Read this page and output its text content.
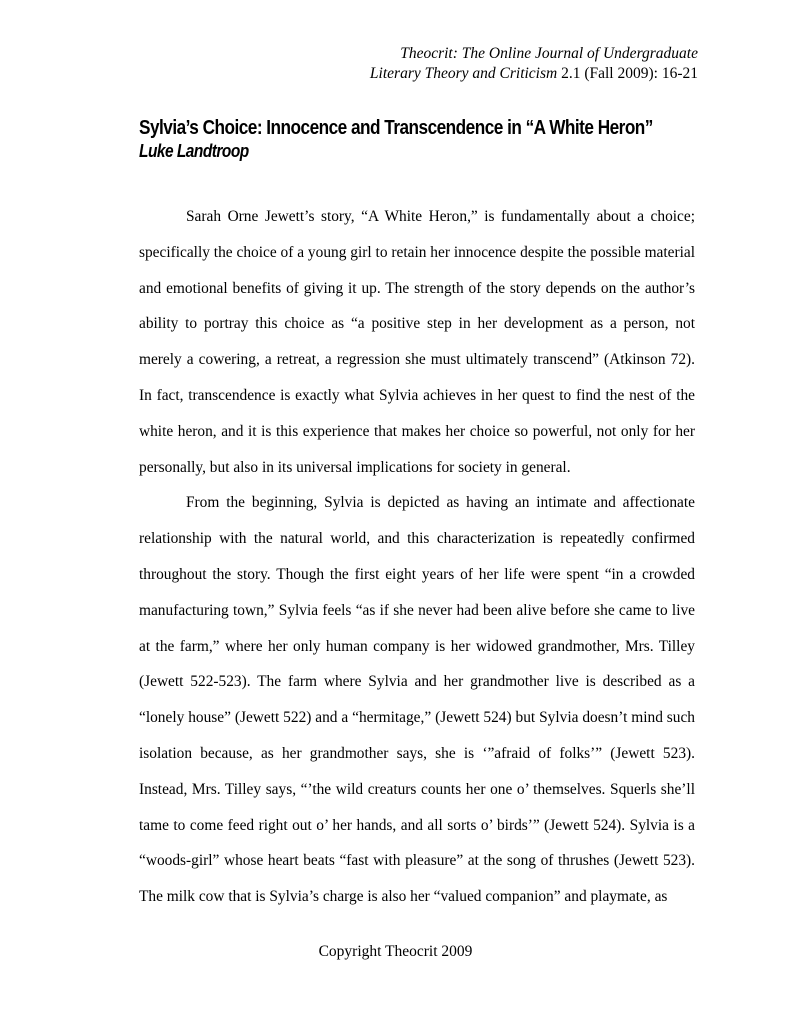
Theocrit: The Online Journal of Undergraduate
Literary Theory and Criticism 2.1 (Fall 2009): 16-21
Sylvia’s Choice: Innocence and Transcendence in “A White Heron”
Luke Landtroop

Sarah Orne Jewett’s story, “A White Heron,” is fundamentally about a choice; specifically the choice of a young girl to retain her innocence despite the possible material and emotional benefits of giving it up. The strength of the story depends on the author’s ability to portray this choice as “a positive step in her development as a person, not merely a cowering, a retreat, a regression she must ultimately transcend” (Atkinson 72). In fact, transcendence is exactly what Sylvia achieves in her quest to find the nest of the white heron, and it is this experience that makes her choice so powerful, not only for her personally, but also in its universal implications for society in general.

From the beginning, Sylvia is depicted as having an intimate and affectionate relationship with the natural world, and this characterization is repeatedly confirmed throughout the story. Though the first eight years of her life were spent “in a crowded manufacturing town,” Sylvia feels “as if she never had been alive before she came to live at the farm,” where her only human company is her widowed grandmother, Mrs. Tilley (Jewett 522-523). The farm where Sylvia and her grandmother live is described as a “lonely house” (Jewett 522) and a “hermitage,” (Jewett 524) but Sylvia doesn’t mind such isolation because, as her grandmother says, she is ‘”afraid of folks’” (Jewett 523). Instead, Mrs. Tilley says, “’the wild creaturs counts her one o’ themselves. Squerls she’ll tame to come feed right out o’ her hands, and all sorts o’ birds’” (Jewett 524). Sylvia is a “woods-girl” whose heart beats “fast with pleasure” at the song of thrushes (Jewett 523). The milk cow that is Sylvia’s charge is also her “valued companion” and playmate, as

Copyright Theocrit 2009
